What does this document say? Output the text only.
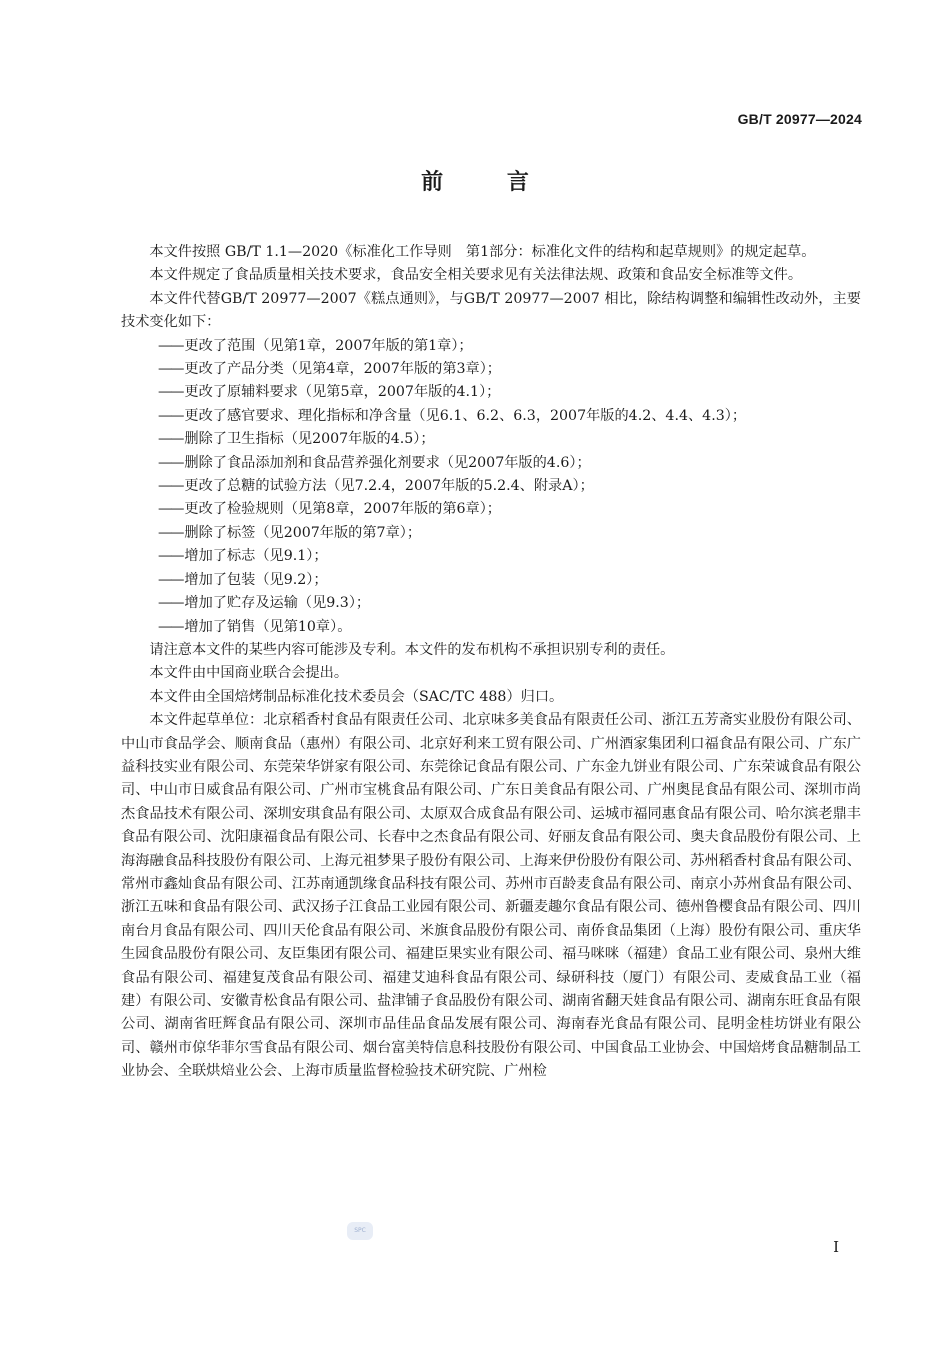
GB/T 20977—2024
前 言

本文件按照 GB/T 1.1—2020《标准化工作导则　第1部分：标准化文件的结构和起草规则》的规定起草。

本文件规定了食品质量相关技术要求，食品安全相关要求见有关法律法规、政策和食品安全标准等文件。

本文件代替GB/T 20977—2007《糕点通则》，与GB/T 20977—2007 相比，除结构调整和编辑性改动外，主要技术变化如下：

—— 更改了范围（见第1章，2007年版的第1章）；
—— 更改了产品分类（见第4章，2007年版的第3章）；
—— 更改了原辅料要求（见第5章，2007年版的4.1）；
—— 更改了感官要求、理化指标和净含量（见6.1、6.2、6.3，2007年版的4.2、4.4、4.3）；
—— 删除了卫生指标（见2007年版的4.5）；
—— 删除了食品添加剂和食品营养强化剂要求（见2007年版的4.6）；
—— 更改了总糖的试验方法（见7.2.4，2007年版的5.2.4、附录A）；
—— 更改了检验规则（见第8章，2007年版的第6章）；
—— 删除了标签（见2007年版的第7章）；
—— 增加了标志（见9.1）；
—— 增加了包装（见9.2）；
—— 增加了贮存及运输（见9.3）；
—— 增加了销售（见第10章）。

请注意本文件的某些内容可能涉及专利。本文件的发布机构不承担识别专利的责任。

本文件由中国商业联合会提出。

本文件由全国焙烤制品标准化技术委员会（SAC/TC 488）归口。

本文件起草单位：北京稻香村食品有限责任公司、北京味多美食品有限责任公司、浙江五芳斋实业股份有限公司、中山市食品学会、顺南食品（惠州）有限公司、北京好利来工贸有限公司、广州酒家集团利口福食品有限公司、广东广益科技实业有限公司、东莞荣华饼家有限公司、东莞徐记食品有限公司、广东金九饼业有限公司、广东荣诚食品有限公司、中山市日威食品有限公司、广州市宝桃食品有限公司、广东日美食品有限公司、广州奥昆食品有限公司、深圳市尚杰食品技术有限公司、深圳安琪食品有限公司、太原双合成食品有限公司、运城市福同惠食品有限公司、哈尔滨老鼎丰食品有限公司、沈阳康福食品有限公司、长春中之杰食品有限公司、好丽友食品有限公司、奥夫食品股份有限公司、上海海融食品科技股份有限公司、上海元祖梦果子股份有限公司、上海来伊份股份有限公司、苏州稻香村食品有限公司、常州市鑫灿食品有限公司、江苏南通凯缘食品科技有限公司、苏州市百龄麦食品有限公司、南京小苏州食品有限公司、浙江五味和食品有限公司、武汉扬子江食品工业园有限公司、新疆麦趣尔食品有限公司、德州鲁樱食品有限公司、四川南台月食品有限公司、四川天伦食品有限公司、米旗食品股份有限公司、南侨食品集团（上海）股份有限公司、重庆华生园食品股份有限公司、友臣集团有限公司、福建臣果实业有限公司、福马咪咪（福建）食品工业有限公司、泉州大维食品有限公司、福建复茂食品有限公司、福建艾迪科食品有限公司、绿研科技（厦门）有限公司、麦威食品工业（福建）有限公司、安徽青松食品有限公司、盐津铺子食品股份有限公司、湖南省翻天娃食品有限公司、湖南东旺食品有限公司、湖南省旺辉食品有限公司、深圳市品佳品食品发展有限公司、海南春光食品有限公司、昆明金桂坊饼业有限公司、赣州市倞华菲尔雪食品有限公司、烟台富美特信息科技股份有限公司、中国食品工业协会、中国焙烤食品糖制品工业协会、全联烘焙业公会、上海市质量监督检验技术研究院、广州检

SPC
I
